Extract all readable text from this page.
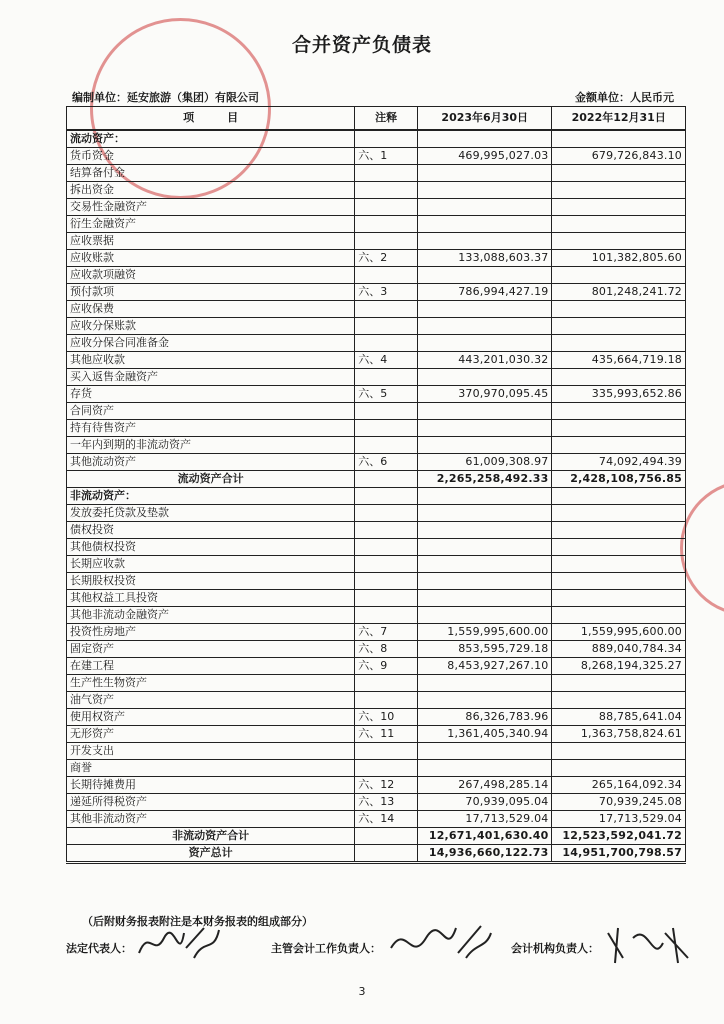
合并资产负债表
编制单位：延安旅游（集团）有限公司	金额单位：人民币元
项　　　目	注释	2023年6月30日	2022年12月31日
流动资产：			
货币资金	六、1	469,995,027.03	679,726,843.10
结算备付金			
拆出资金			
交易性金融资产			
衍生金融资产			
应收票据			
应收账款	六、2	133,088,603.37	101,382,805.60
应收款项融资			
预付款项	六、3	786,994,427.19	801,248,241.72
应收保费			
应收分保账款			
应收分保合同准备金			
其他应收款	六、4	443,201,030.32	435,664,719.18
买入返售金融资产			
存货	六、5	370,970,095.45	335,993,652.86
合同资产			
持有待售资产			
一年内到期的非流动资产			
其他流动资产	六、6	61,009,308.97	74,092,494.39
流动资产合计		2,265,258,492.33	2,428,108,756.85
非流动资产：			
发放委托贷款及垫款			
债权投资			
其他债权投资			
长期应收款			
长期股权投资			
其他权益工具投资			
其他非流动金融资产			
投资性房地产	六、7	1,559,995,600.00	1,559,995,600.00
固定资产	六、8	853,595,729.18	889,040,784.34
在建工程	六、9	8,453,927,267.10	8,268,194,325.27
生产性生物资产			
油气资产			
使用权资产	六、10	86,326,783.96	88,785,641.04
无形资产	六、11	1,361,405,340.94	1,363,758,824.61
开发支出			
商誉			
长期待摊费用	六、12	267,498,285.14	265,164,092.34
递延所得税资产	六、13	70,939,095.04	70,939,245.08
其他非流动资产	六、14	17,713,529.04	17,713,529.04
非流动资产合计		12,671,401,630.40	12,523,592,041.72
资产总计		14,936,660,122.73	14,951,700,798.57
（后附财务报表附注是本财务报表的组成部分）
法定代表人：	主管会计工作负责人：	会计机构负责人：
3
